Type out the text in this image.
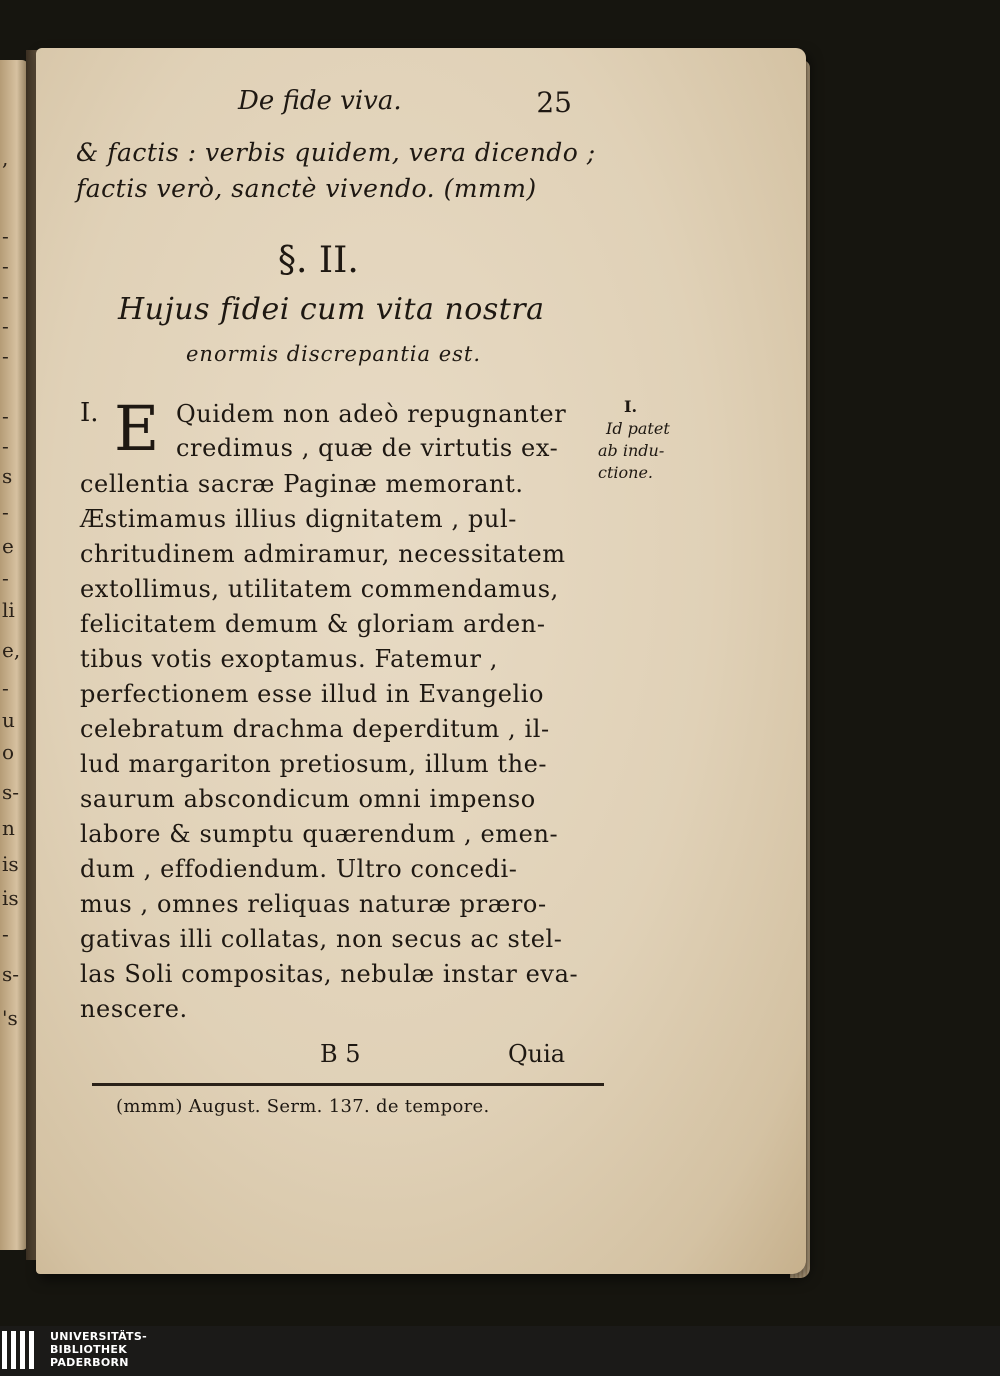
,
-
-
-
-
-
-
-
s
-
e
-
li
e,
-
u
o
s-
n
is
is
-
s-
's
De fide viva.	25
& factis : verbis quidem, vera dicendo ;
factis verò, sanctè vivendo. (mmm)
§. II.
Hujus fidei cum vita nostra
enormis discrepantia est.
I. E Quidem non adeò repugnanter
credimus , quæ de virtutis ex-
cellentia sacræ Paginæ memorant.
Æstimamus illius dignitatem , pul-
chritudinem admiramur, necessitatem
extollimus, utilitatem commendamus,
felicitatem demum & gloriam arden-
tibus votis exoptamus. Fatemur ,
perfectionem esse illud in Evangelio
celebratum drachma deperditum , il-
lud margariton pretiosum, illum the-
saurum abscondicum omni impenso
labore & sumptu quærendum , emen-
dum , effodiendum. Ultro concedi-
mus , omnes reliquas naturæ prærо-
gativas illi collatas, non secus ac stel-
las Soli compositas, nebulæ instar eva-
nescere.
I.
Id patet
ab indu-
ctione.
B 5	Quia
(mmm) August. Serm. 137. de tempore.
UNIVERSITÄTS-
BIBLIOTHEK
PADERBORN
